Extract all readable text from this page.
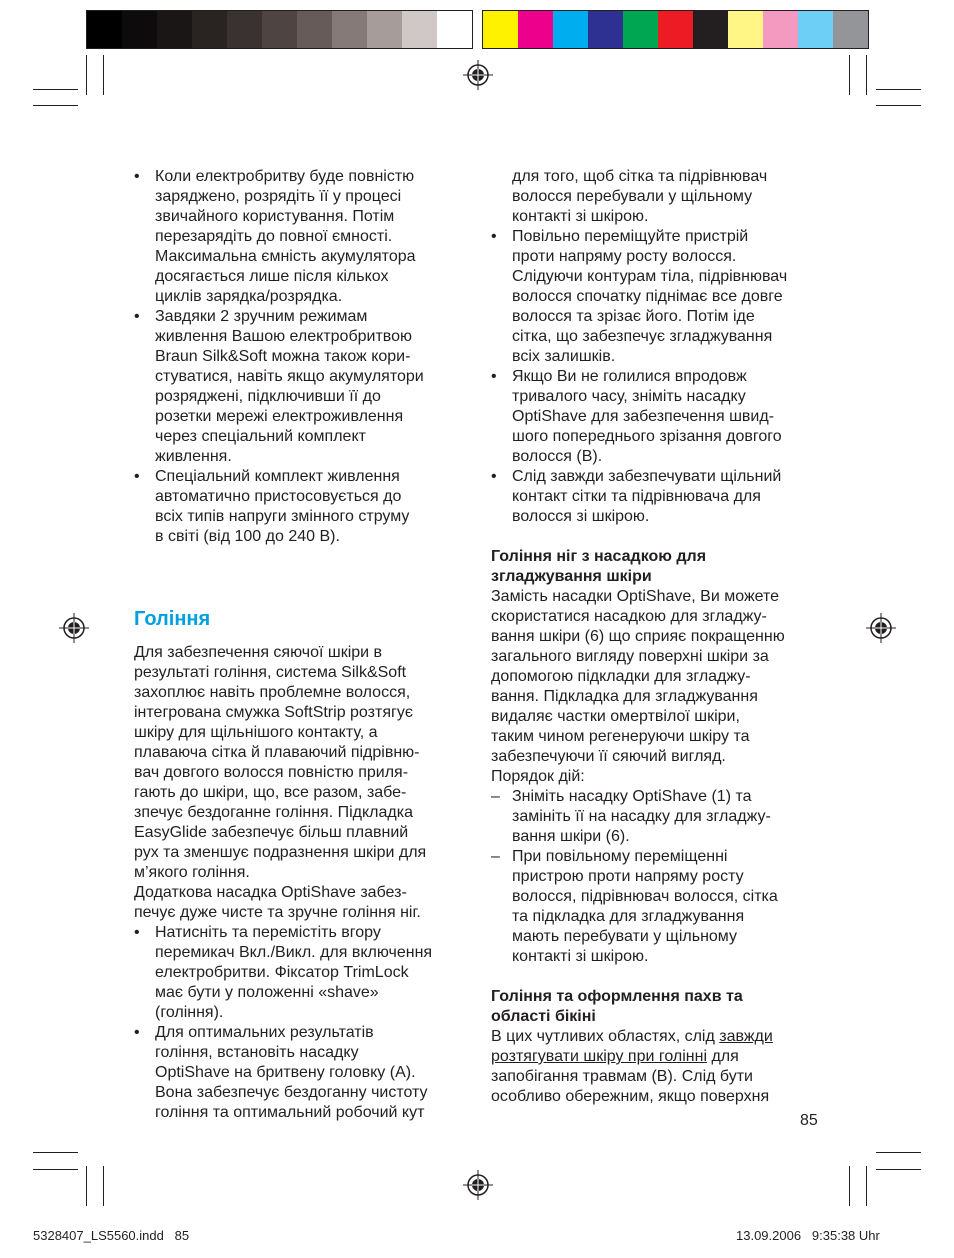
• Коли електробритву буде повністю

заряджено, розрядіть її у процесі

звичайного користування. Потім

перезарядіть до повної ємності.

Максимальна ємність акумулятора

досягається лише після кількох

циклів зарядка/розрядка.

• Завдяки 2 зручним режимам

живлення Вашою електробритвою

Braun Silk&Soft можна також кори-

стуватися, навіть якщо акумулятори

розряджені, підключивши її до

розетки мережі електроживлення

через спеціальний комплект

живлення.

• Спеціальний комплект живлення

автоматично пристосовується до

всіх типів напруги змінного струму

в світі (від 100 до 240 В).

Гоління

Для забезпечення сяючої шкіри в

результаті гоління, система Silk&Soft

захоплює навіть проблемне волосся,

інтегрована смужка SoftStrip розтягує

шкіру для щільнішого контакту, а

плаваюча сітка й плаваючий підрівню-

вач довгого волосся повністю приля-

гають до шкіри, що, все разом, забе-

зпечує бездоганне гоління. Підкладка

EasyGlide забезпечує більш плавний

рух та зменшує подразнення шкіри для

м’якого гоління.

Додаткова насадка OptiShave забез-

печує дуже чисте та зручне гоління ніг.

• Натисніть та перемістіть вгору

перемикач Вкл./Викл. для включення

електробритви. Фіксатор TrimLock

має бути у положенні «shave»

(гоління).

• Для оптимальних результатів

гоління, встановіть насадку

OptiShave на бритвену головку (A).

Вона забезпечує бездоганну чистоту

гоління та оптимальний робочий кут

для того, щоб сітка та підрівнювач

волосся перебували у щільному

контакті зі шкірою.

• Повільно переміщуйте пристрій

проти напряму росту волосся.

Слідуючи контурам тіла, підрівнювач

волосся спочатку піднімає все довге

волосся та зрізає його. Потім іде

сітка, що забезпечує згладжування

всіх залишків.

• Якщо Ви не голилися впродовж

тривалого часу, зніміть насадку

OptiShave для забезпечення швид-

шого попереднього зрізання довгого

волосся (B).

• Слід завжди забезпечувати щільний

контакт сітки та підрівнювача для

волосся зі шкірою.

Гоління ніг з насадкою для

згладжування шкіри

Замість насадки OptiShave, Ви можете

скористатися насадкою для згладжу-

вання шкіри (6) що сприяє покращенню

загального вигляду поверхні шкіри за

допомогою підкладки для згладжу-

вання. Підкладка для згладжування

видаляє частки омертвілої шкіри,

таким чином регенеруючи шкіру та

забезпечуючи її сяючий вигляд.

Порядок дій:

– Зніміть насадку OptiShave (1) та

замініть її на насадку для згладжу-

вання шкіри (6).

– При повільному переміщенні

пристрою проти напряму росту

волосся, підрівнювач волосся, сітка

та підкладка для згладжування

мають перебувати у щільному

контакті зі шкірою.

Гоління та оформлення пахв та

області бікіні

В цих чутливих областях, слід завжди

розтягувати шкіру при голінні для

запобігання травмам (B). Слід бути

особливо обережним, якщо поверхня

85
5328407_LS5560.indd   85	13.09.2006   9:35:38 Uhr
